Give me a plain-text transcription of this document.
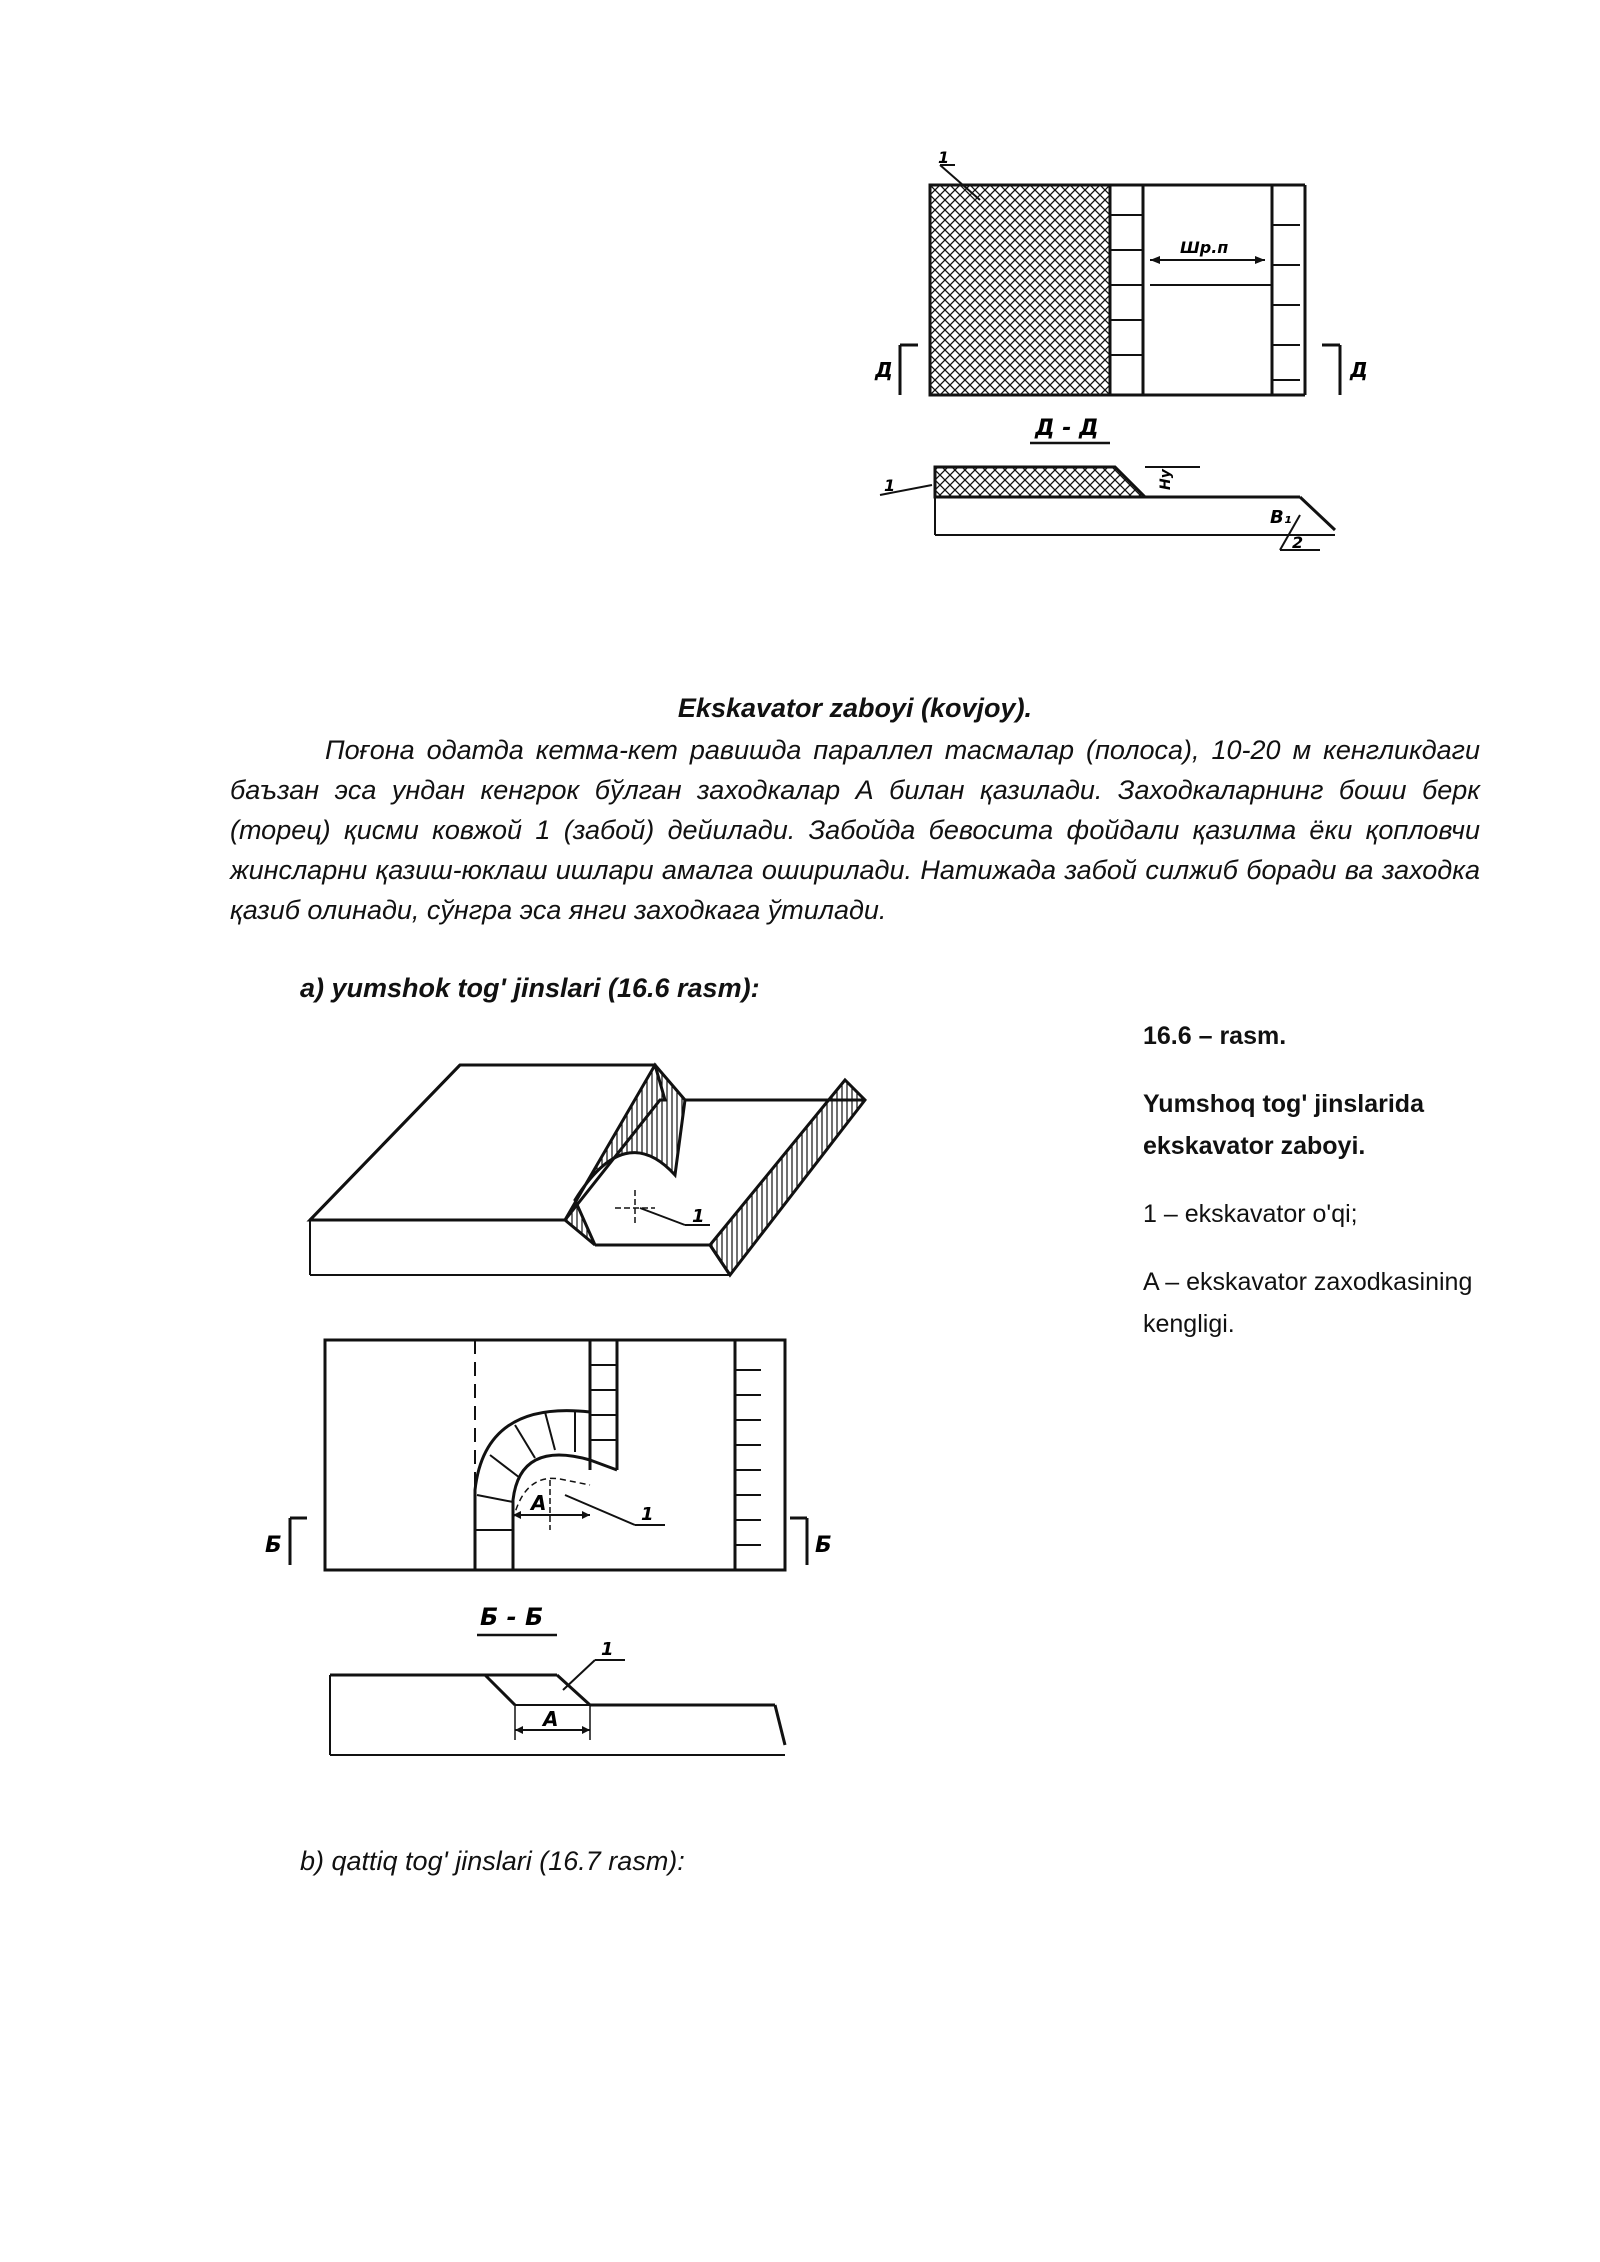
Шр.п
1
Д	Д
Д - Д
Hу
1
B₁
2
Ekskavator zaboyi (kovjoy).

Поғона одатда кетма-кет равишда параллел тасмалар (полоса), 10-20 м кенгликдаги баъзан эса ундан кенгрок бўлган заходкалар А билан қазилади. Заходкаларнинг боши берк (торец) қисми ковжой 1 (забой) дейилади. Забойда бевосита фойдали қазилма ёки қопловчи жинсларни қазиш-юклаш ишлари амалга оширилади. Натижада забой силжиб боради ва заходка қазиб олинади, сўнгра эса янги заходкага ўтилади.

a) yumshok tog' jinslari (16.6 rasm):
1
A	1
Б	Б
Б - Б
A
1

16.6 – rasm.

Yumshoq tog' jinslarida ekskavator zaboyi.

1 – ekskavator o'qi;

A – ekskavator zaxodkasining kengligi.

b) qattiq tog' jinslari (16.7 rasm):
